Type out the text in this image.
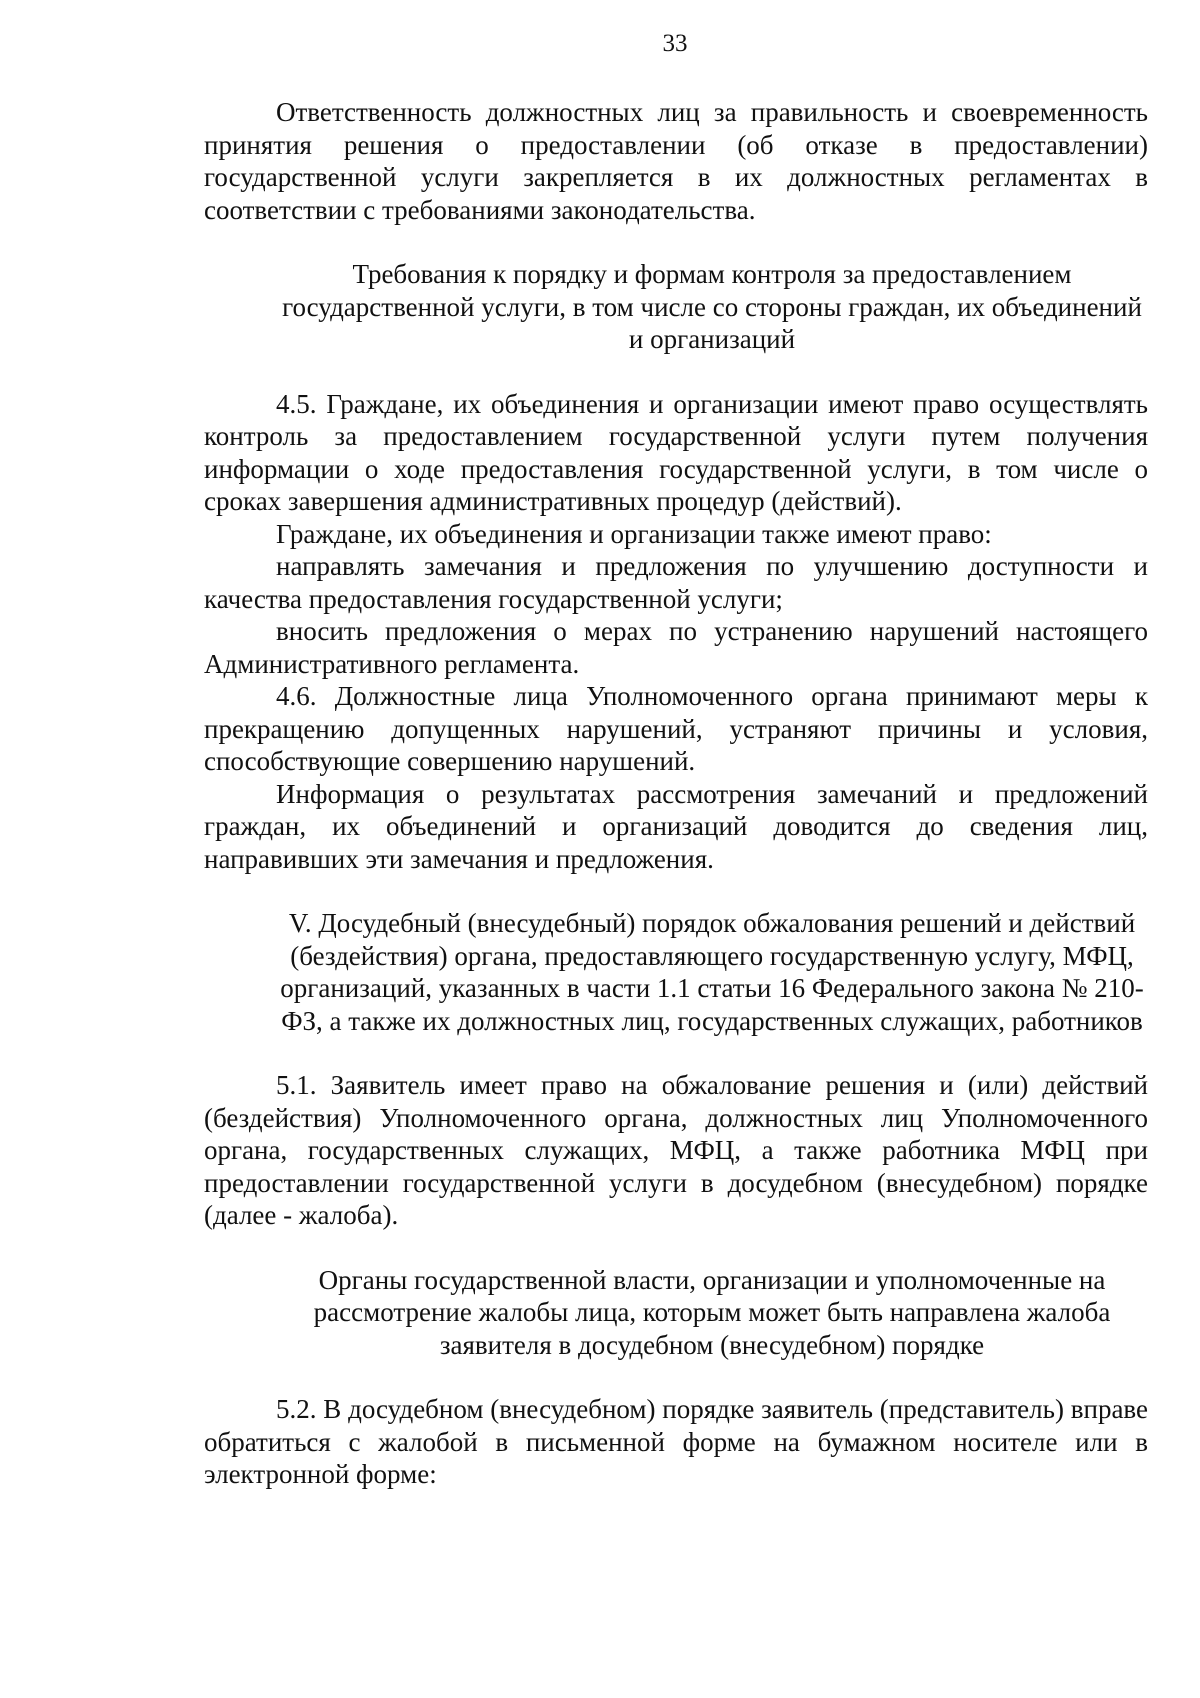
33

Ответственность должностных лиц за правильность и своевременность принятия решения о предоставлении (об отказе в предоставлении) государственной услуги закрепляется в их должностных регламентах в соответствии с требованиями законодательства.

Требования к порядку и формам контроля за предоставлением государственной услуги, в том числе со стороны граждан, их объединений и организаций

4.5. Граждане, их объединения и организации имеют право осуществлять контроль за предоставлением государственной услуги путем получения информации о ходе предоставления государственной услуги, в том числе о сроках завершения административных процедур (действий).

Граждане, их объединения и организации также имеют право:

направлять замечания и предложения по улучшению доступности и качества предоставления государственной услуги;

вносить предложения о мерах по устранению нарушений настоящего Административного регламента.

4.6. Должностные лица Уполномоченного органа принимают меры к прекращению допущенных нарушений, устраняют причины и условия, способствующие совершению нарушений.

Информация о результатах рассмотрения замечаний и предложений граждан, их объединений и организаций доводится до сведения лиц, направивших эти замечания и предложения.

V. Досудебный (внесудебный) порядок обжалования решений и действий (бездействия) органа, предоставляющего государственную услугу, МФЦ, организаций, указанных в части 1.1 статьи 16 Федерального закона № 210-ФЗ, а также их должностных лиц, государственных служащих, работников

5.1. Заявитель имеет право на обжалование решения и (или) действий (бездействия) Уполномоченного органа, должностных лиц Уполномоченного органа, государственных служащих, МФЦ, а также работника МФЦ при предоставлении государственной услуги в досудебном (внесудебном) порядке (далее - жалоба).

Органы государственной власти, организации и уполномоченные на рассмотрение жалобы лица, которым может быть направлена жалоба заявителя в досудебном (внесудебном) порядке

5.2. В досудебном (внесудебном) порядке заявитель (представитель) вправе обратиться с жалобой в письменной форме на бумажном носителе или в электронной форме:
